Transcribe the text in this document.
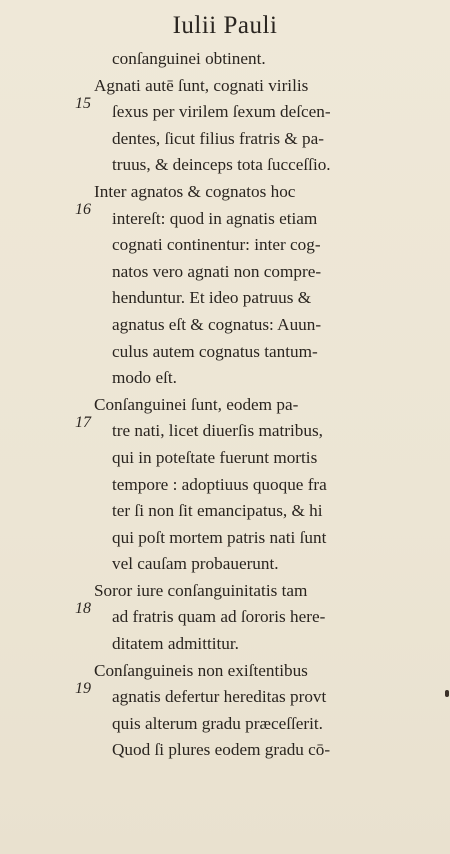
Iulii Pauli

conſanguinei obtinent.

15
Agnati autē ſunt, cognati virilis
ſexus per virilem ſexum deſcen-
dentes, ſicut filius fratris & pa-
truus, & deinceps tota ſucceſſio.

16
Inter agnatos & cognatos hoc
intereſt: quod in agnatis etiam
cognati continentur: inter cog-
natos vero agnati non compre-
henduntur. Et ideo patruus &
agnatus eſt & cognatus: Auun-
culus autem cognatus tantum-
modo eſt.

17
Conſanguinei ſunt, eodem pa-
tre nati, licet diuerſis matribus,
qui in poteſtate fuerunt mortis
tempore : adoptiuus quoque fra
ter ſi non ſit emancipatus, & hi
qui poſt mortem patris nati ſunt
vel cauſam probauerunt.

18
Soror iure conſanguinitatis tam
ad fratris quam ad ſororis here-
ditatem admittitur.

19
Conſanguineis non exiſtentibus
agnatis defertur hereditas provt
quis alterum gradu præceſſerit.
Quod ſi plures eodem gradu cō-
